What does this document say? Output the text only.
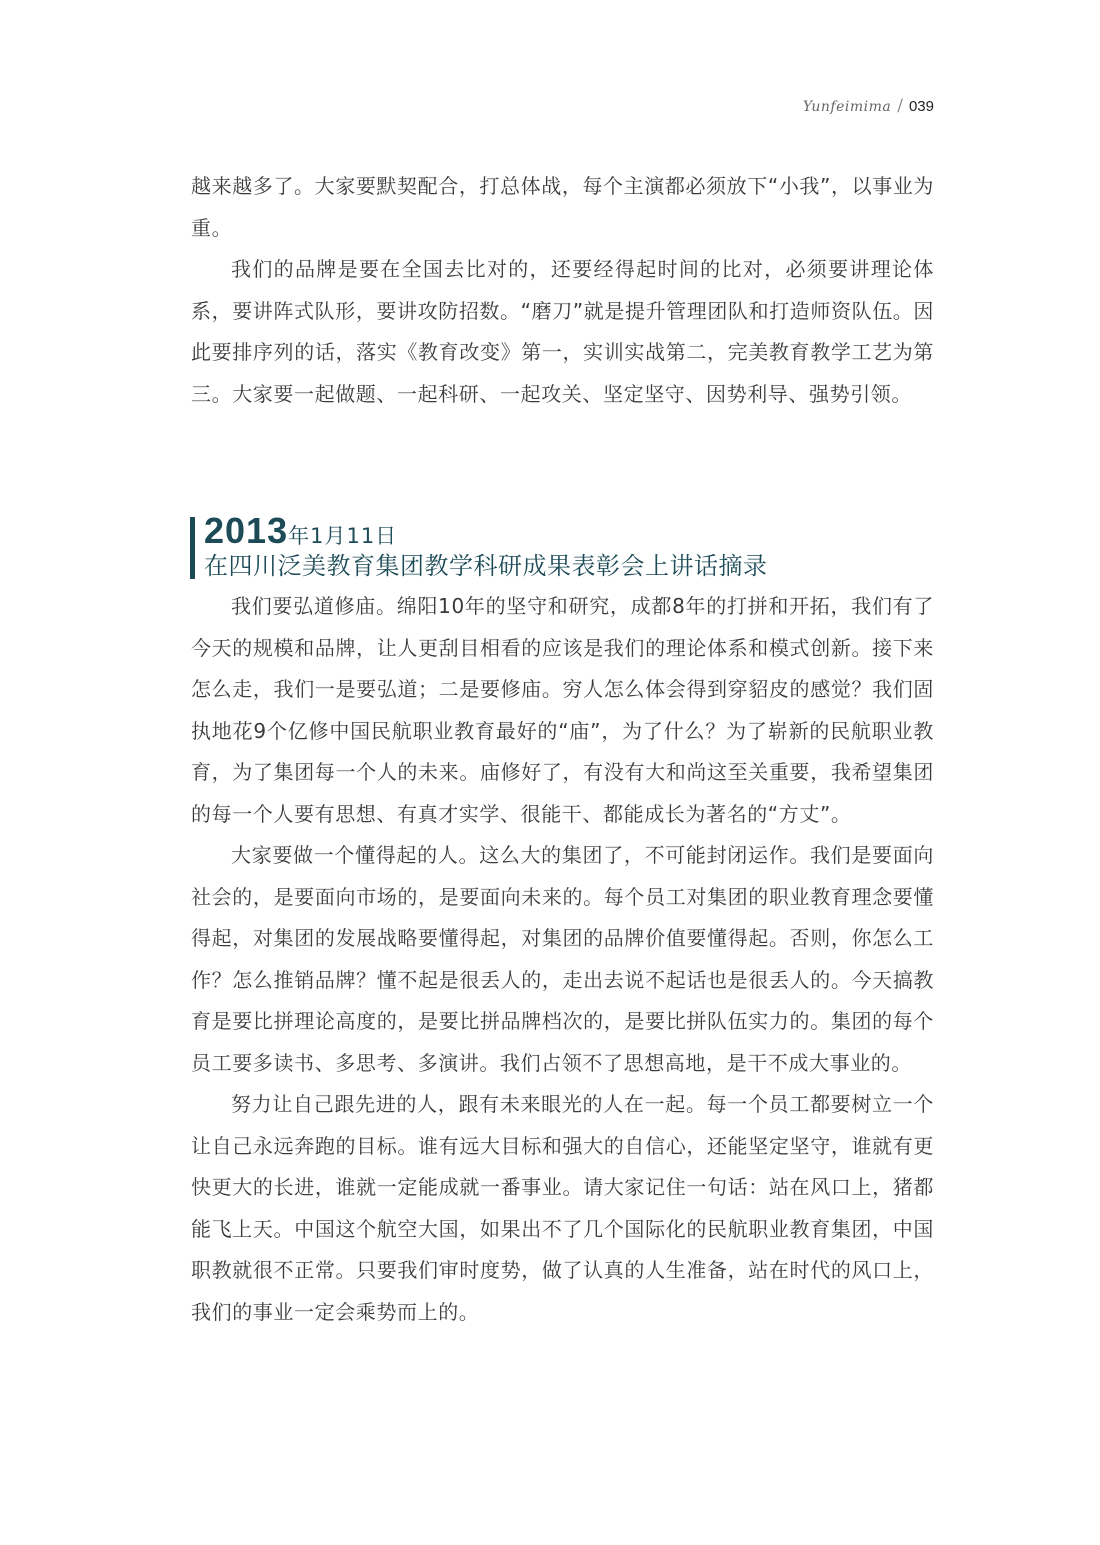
Yunfeimima / 039

越来越多了。大家要默契配合，打总体战，每个主演都必须放下“小我”，以事业为重。

我们的品牌是要在全国去比对的，还要经得起时间的比对，必须要讲理论体系，要讲阵式队形，要讲攻防招数。“磨刀”就是提升管理团队和打造师资队伍。因此要排序列的话，落实《教育改变》第一，实训实战第二，完美教育教学工艺为第三。大家要一起做题、一起科研、一起攻关、坚定坚守、因势利导、强势引领。

2013年1月11日
在四川泛美教育集团教学科研成果表彰会上讲话摘录

我们要弘道修庙。绵阳10年的坚守和研究，成都8年的打拼和开拓，我们有了今天的规模和品牌，让人更刮目相看的应该是我们的理论体系和模式创新。接下来怎么走，我们一是要弘道；二是要修庙。穷人怎么体会得到穿貂皮的感觉？我们固执地花9个亿修中国民航职业教育最好的“庙”，为了什么？为了崭新的民航职业教育，为了集团每一个人的未来。庙修好了，有没有大和尚这至关重要，我希望集团的每一个人要有思想、有真才实学、很能干、都能成长为著名的“方丈”。

大家要做一个懂得起的人。这么大的集团了，不可能封闭运作。我们是要面向社会的，是要面向市场的，是要面向未来的。每个员工对集团的职业教育理念要懂得起，对集团的发展战略要懂得起，对集团的品牌价值要懂得起。否则，你怎么工作？怎么推销品牌？懂不起是很丢人的，走出去说不起话也是很丢人的。今天搞教育是要比拼理论高度的，是要比拼品牌档次的，是要比拼队伍实力的。集团的每个员工要多读书、多思考、多演讲。我们占领不了思想高地，是干不成大事业的。

努力让自己跟先进的人，跟有未来眼光的人在一起。每一个员工都要树立一个让自己永远奔跑的目标。谁有远大目标和强大的自信心，还能坚定坚守，谁就有更快更大的长进，谁就一定能成就一番事业。请大家记住一句话：站在风口上，猪都能飞上天。中国这个航空大国，如果出不了几个国际化的民航职业教育集团，中国职教就很不正常。只要我们审时度势，做了认真的人生准备，站在时代的风口上，我们的事业一定会乘势而上的。
